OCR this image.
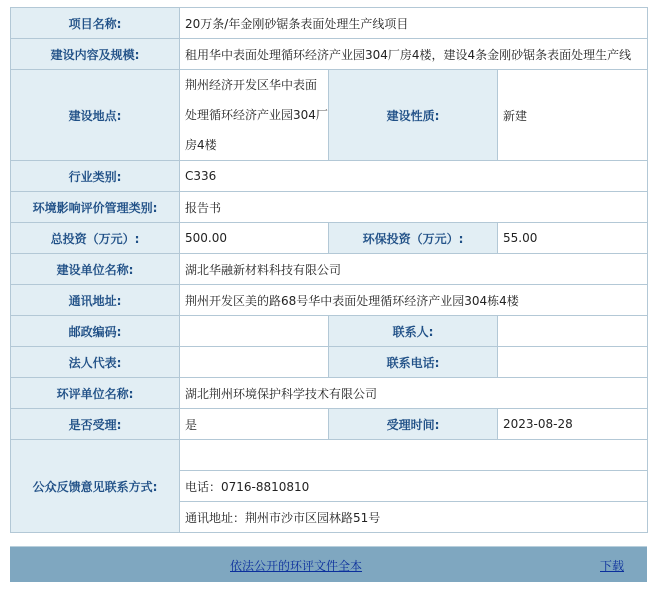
项目名称:	20万条/年金刚砂锯条表面处理生产线项目		
建设内容及规模:	租用华中表面处理循环经济产业园304厂房4楼，建设4条金刚砂锯条表面处理生产线		
建设地点:	荆州经济开发区华中表面处理循环经济产业园304厂房4楼	建设性质:	新建
行业类别:	C336		
环境影响评价管理类别:	报告书		
总投资（万元）:	500.00	环保投资（万元）:	55.00
建设单位名称:	湖北华融新材料科技有限公司		
通讯地址:	荆州开发区美的路68号华中表面处理循环经济产业园304栋4楼		
邮政编码:		联系人:	
法人代表:		联系电话:	
环评单位名称:	湖北荆州环境保护科学技术有限公司		
是否受理:	是	受理时间:	2023-08-28
公众反馈意见联系方式:			
	电话：0716-8810810		
	通讯地址：荆州市沙市区园林路51号		
依法公开的环评文件全本	下载
